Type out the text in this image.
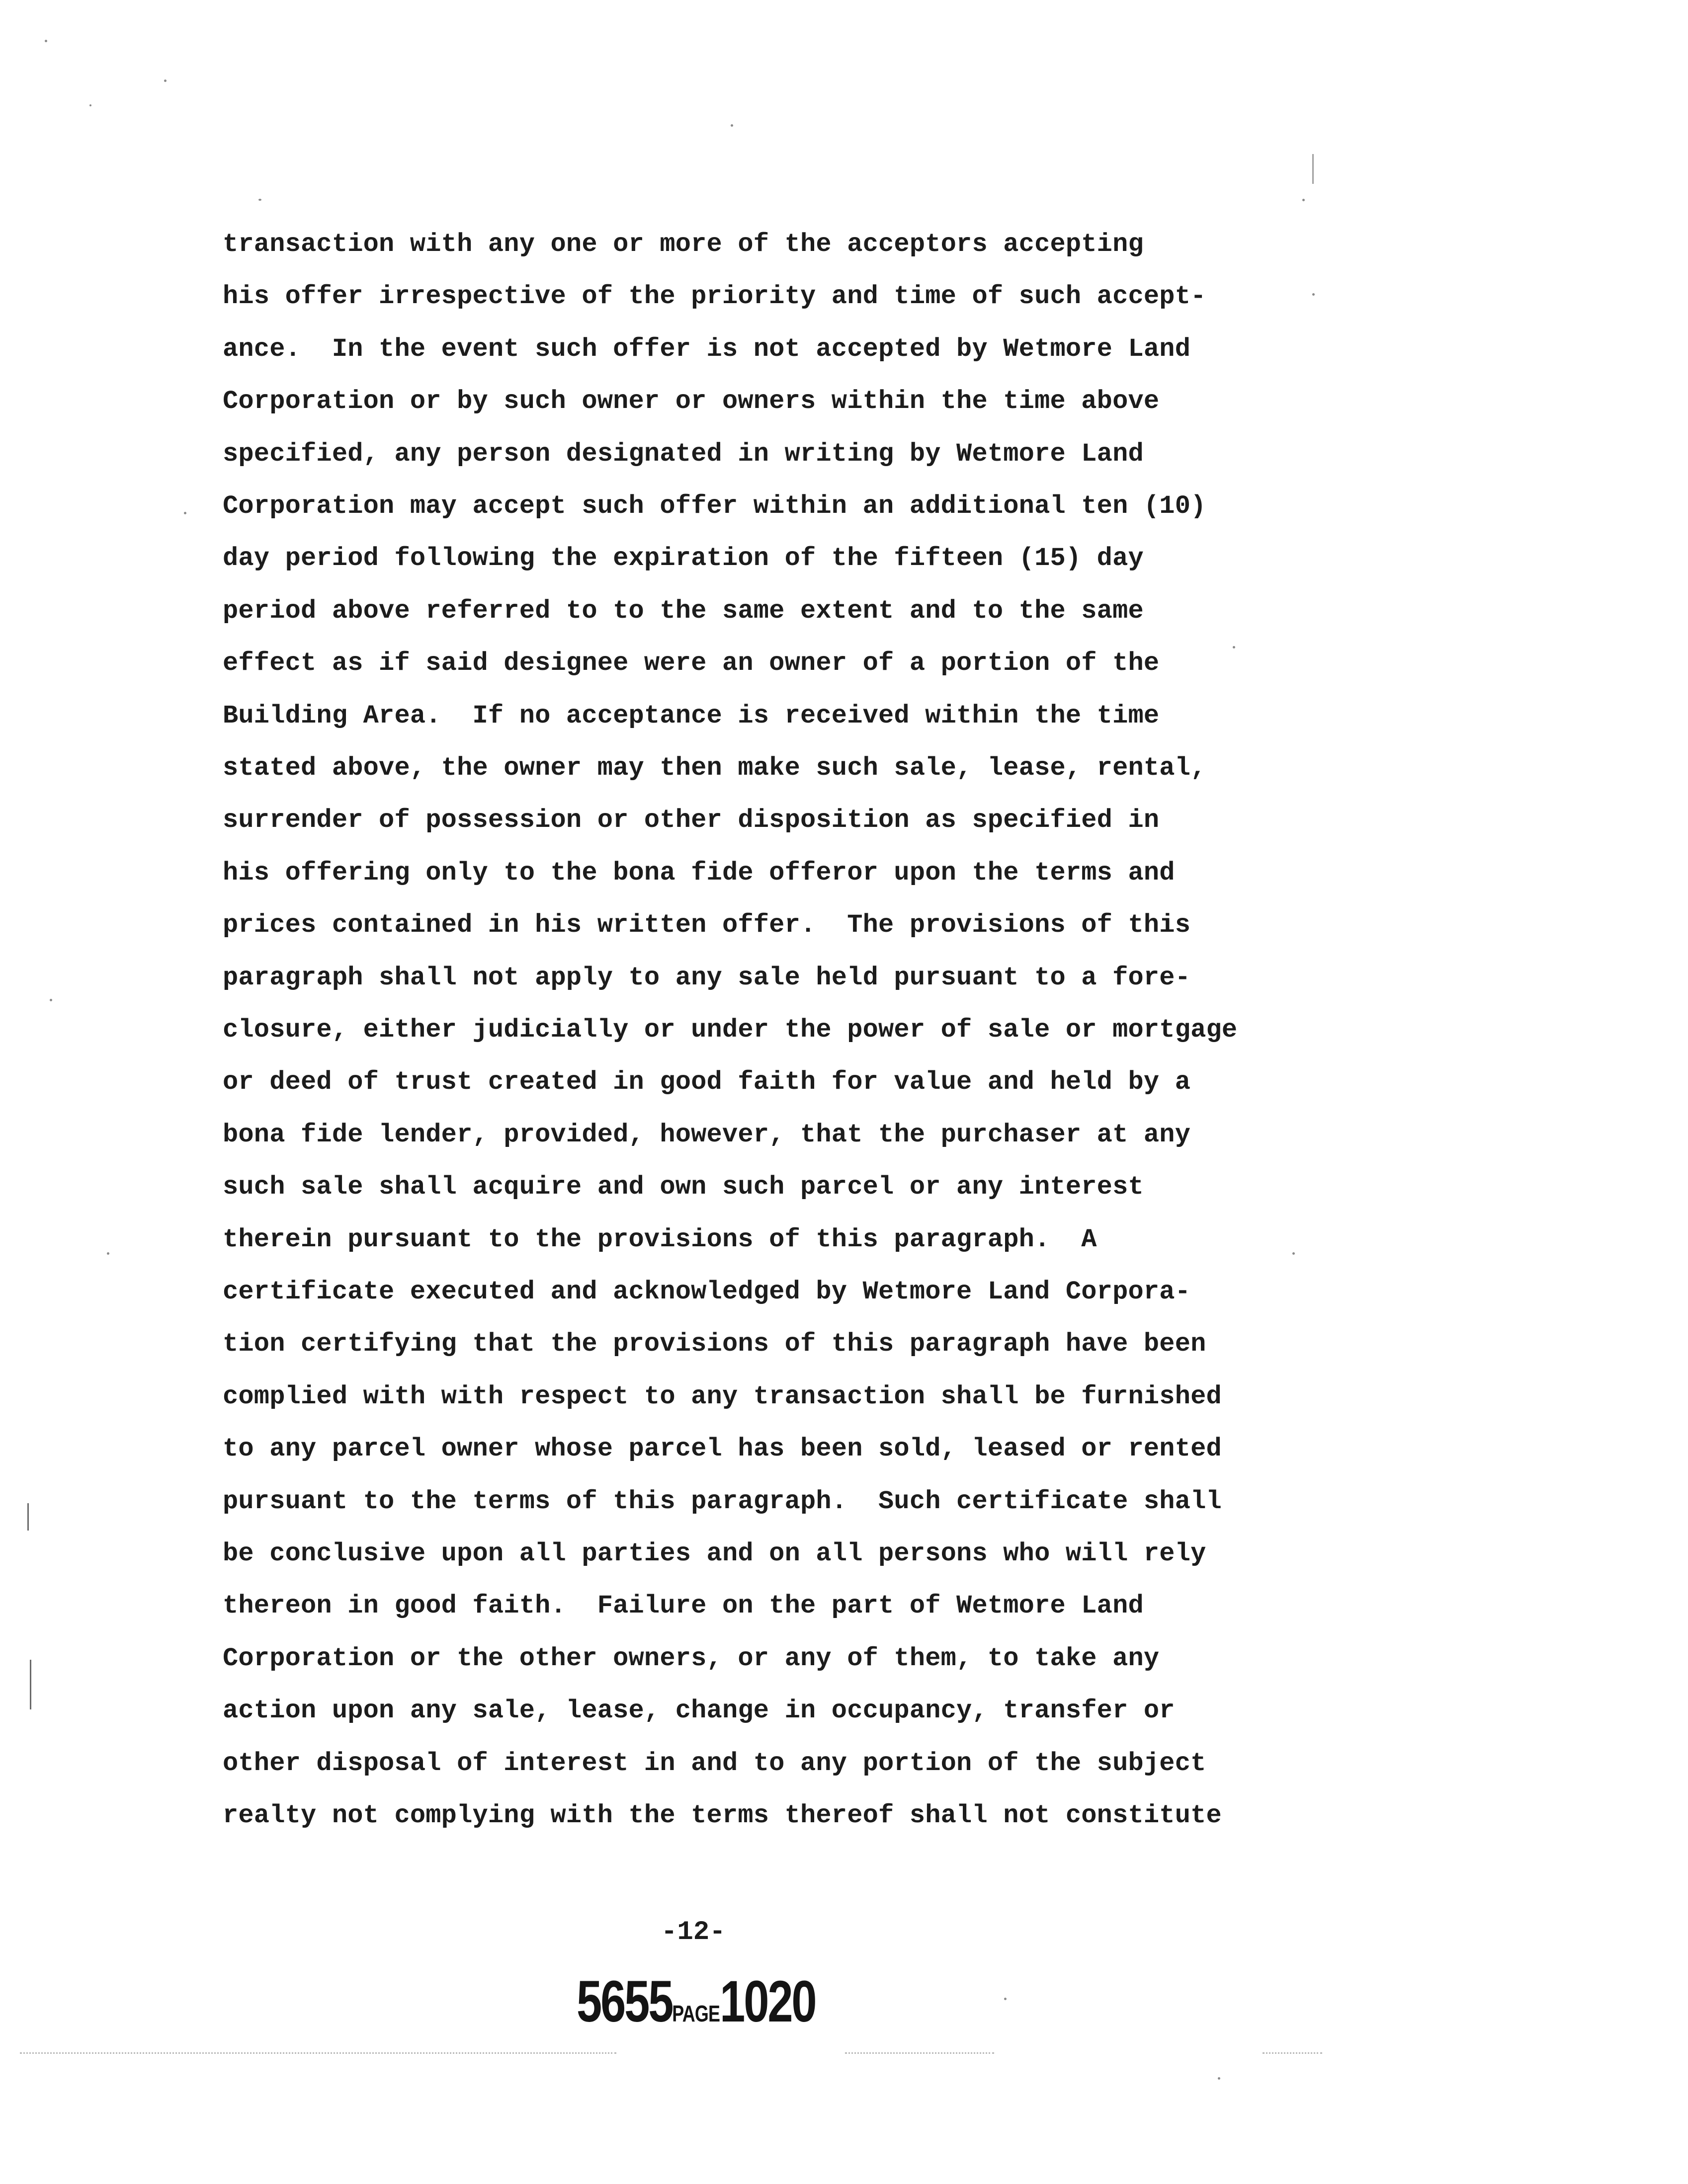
transaction with any one or more of the acceptors accepting
his offer irrespective of the priority and time of such accept-
ance.  In the event such offer is not accepted by Wetmore Land
Corporation or by such owner or owners within the time above
specified, any person designated in writing by Wetmore Land
Corporation may accept such offer within an additional ten (10)
day period following the expiration of the fifteen (15) day
period above referred to to the same extent and to the same
effect as if said designee were an owner of a portion of the
Building Area.  If no acceptance is received within the time
stated above, the owner may then make such sale, lease, rental,
surrender of possession or other disposition as specified in
his offering only to the bona fide offeror upon the terms and
prices contained in his written offer.  The provisions of this
paragraph shall not apply to any sale held pursuant to a fore-
closure, either judicially or under the power of sale or mortgage
or deed of trust created in good faith for value and held by a
bona fide lender, provided, however, that the purchaser at any
such sale shall acquire and own such parcel or any interest
therein pursuant to the provisions of this paragraph.  A
certificate executed and acknowledged by Wetmore Land Corpora-
tion certifying that the provisions of this paragraph have been
complied with with respect to any transaction shall be furnished
to any parcel owner whose parcel has been sold, leased or rented
pursuant to the terms of this paragraph.  Such certificate shall
be conclusive upon all parties and on all persons who will rely
thereon in good faith.  Failure on the part of Wetmore Land
Corporation or the other owners, or any of them, to take any
action upon any sale, lease, change in occupancy, transfer or
other disposal of interest in and to any portion of the subject
realty not complying with the terms thereof shall not constitute
-12-
5655PAGE1020
